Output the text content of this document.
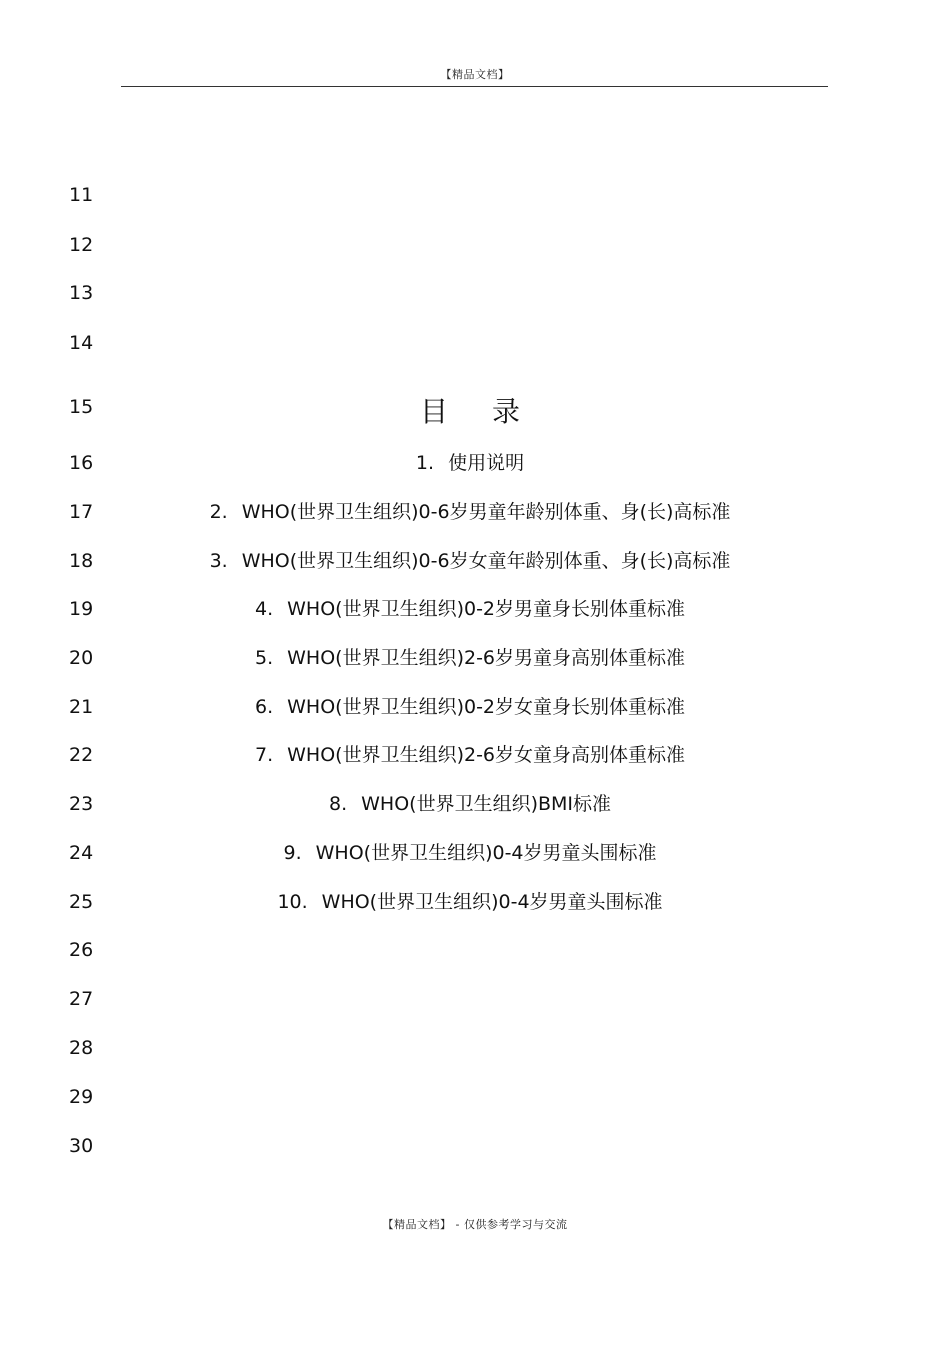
【精品文档】
11
12
13
14
15
16
17
18
19
20
21
22
23
24
25
26
27
28
29
30
目 录
1. 使用说明
2. WHO(世界卫生组织)0-6岁男童年龄别体重、身(长)高标准
3. WHO(世界卫生组织)0-6岁女童年龄别体重、身(长)高标准
4. WHO(世界卫生组织)0-2岁男童身长别体重标准
5. WHO(世界卫生组织)2-6岁男童身高别体重标准
6. WHO(世界卫生组织)0-2岁女童身长别体重标准
7. WHO(世界卫生组织)2-6岁女童身高别体重标准
8. WHO(世界卫生组织)BMI标准
9. WHO(世界卫生组织)0-4岁男童头围标准
10. WHO(世界卫生组织)0-4岁男童头围标准
【精品文档】 - 仅供参考学习与交流
